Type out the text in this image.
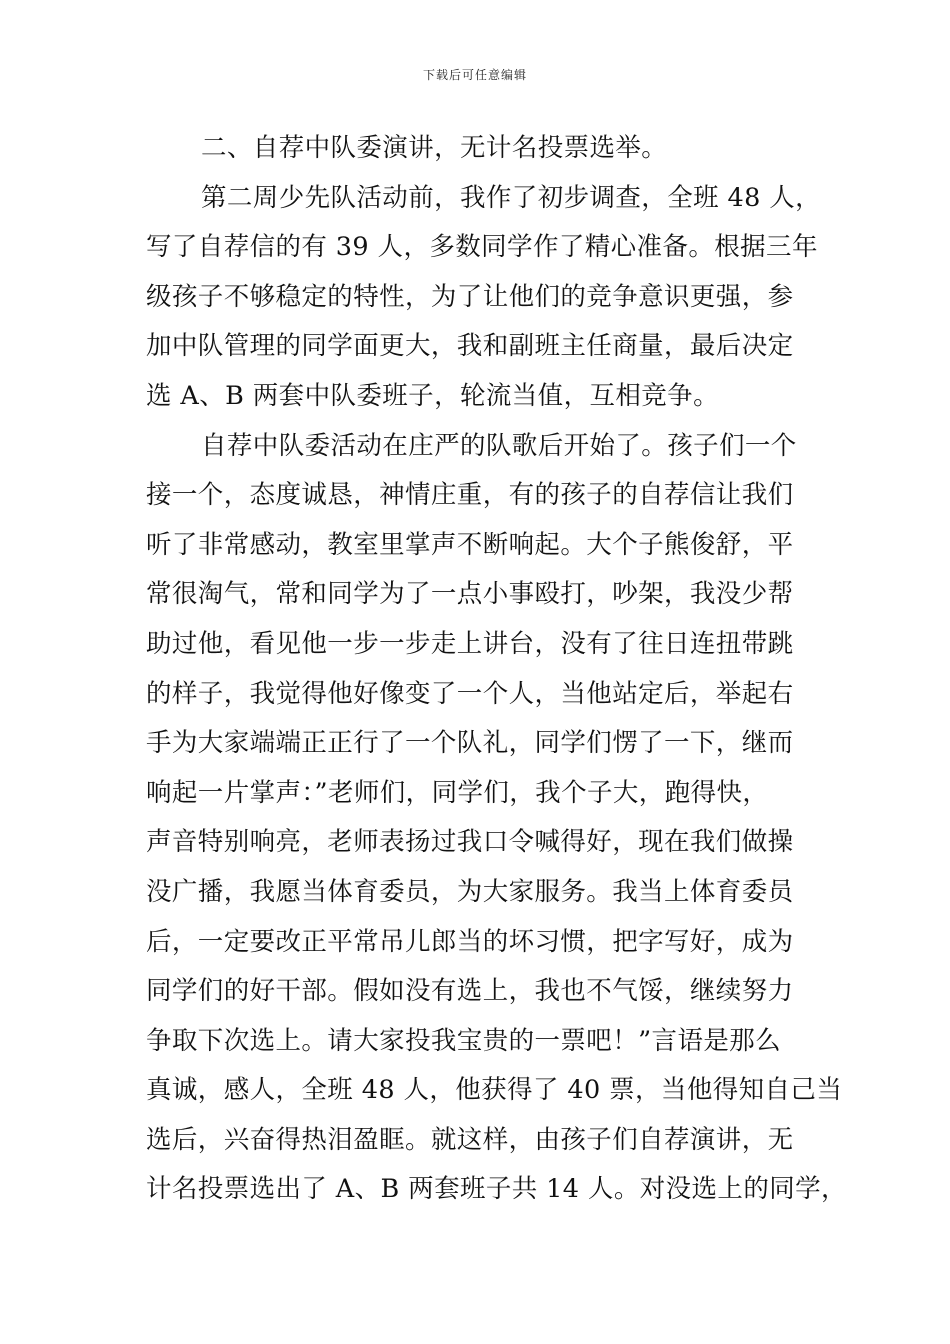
下载后可任意编辑
二、自荐中队委演讲，无计名投票选举。
第二周少先队活动前，我作了初步调查，全班 48 人，
写了自荐信的有 39 人，多数同学作了精心准备。根据三年
级孩子不够稳定的特性，为了让他们的竞争意识更强，参
加中队管理的同学面更大，我和副班主任商量，最后决定
选 A、B 两套中队委班子，轮流当值，互相竞争。
自荐中队委活动在庄严的队歌后开始了。孩子们一个
接一个，态度诚恳，神情庄重，有的孩子的自荐信让我们
听了非常感动，教室里掌声不断响起。大个子熊俊舒，平
常很淘气，常和同学为了一点小事殴打，吵架，我没少帮
助过他，看见他一步一步走上讲台，没有了往日连扭带跳
的样子，我觉得他好像变了一个人，当他站定后，举起右
手为大家端端正正行了一个队礼，同学们愣了一下，继而
响起一片掌声：”老师们，同学们，我个子大，跑得快，
声音特别响亮，老师表扬过我口令喊得好，现在我们做操
没广播，我愿当体育委员，为大家服务。我当上体育委员
后，一定要改正平常吊儿郎当的坏习惯，把字写好，成为
同学们的好干部。假如没有选上，我也不气馁，继续努力
争取下次选上。请大家投我宝贵的一票吧！”言语是那么
真诚，感人，全班 48 人，他获得了 40 票，当他得知自己当
选后，兴奋得热泪盈眶。就这样，由孩子们自荐演讲，无
计名投票选出了 A、B 两套班子共 14 人。对没选上的同学，
